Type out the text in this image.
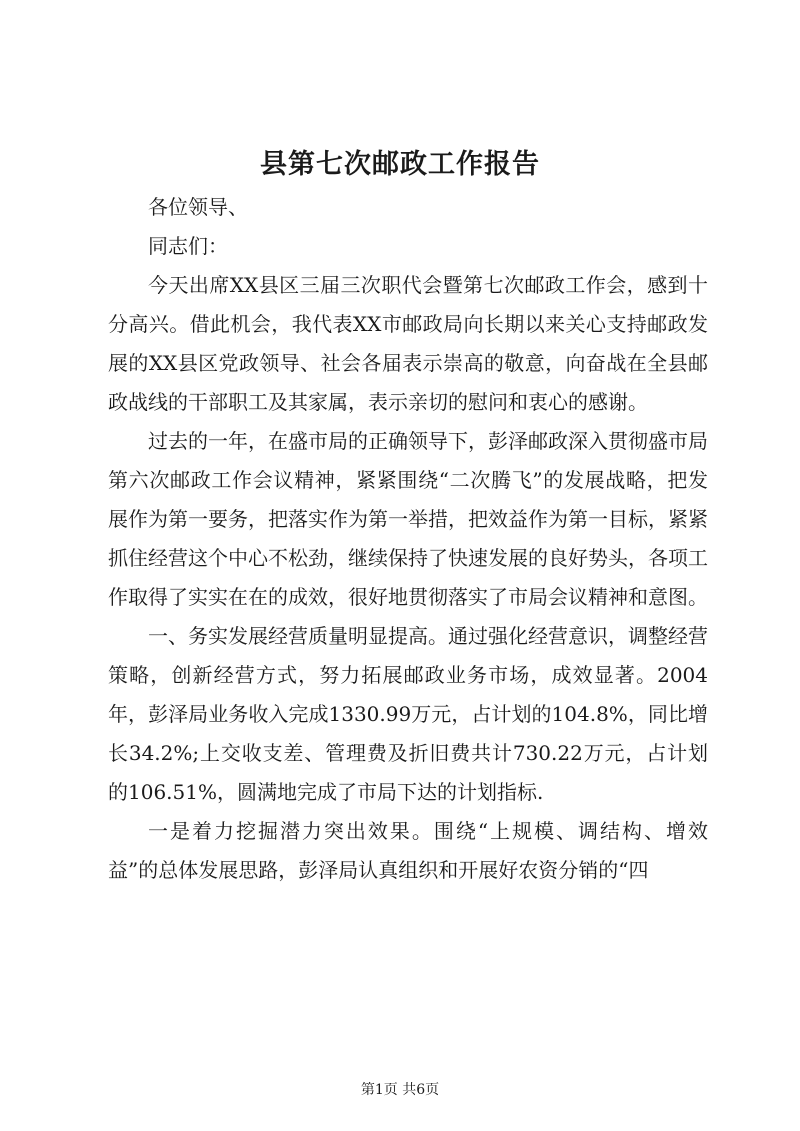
县第七次邮政工作报告

各位领导、

同志们：

今天出席XX县区三届三次职代会暨第七次邮政工作会，感到十分高兴。借此机会，我代表XX市邮政局向长期以来关心支持邮政发展的XX县区党政领导、社会各届表示崇高的敬意，向奋战在全县邮政战线的干部职工及其家属，表示亲切的慰问和衷心的感谢。

过去的一年，在盛市局的正确领导下，彭泽邮政深入贯彻盛市局第六次邮政工作会议精神，紧紧围绕“二次腾飞”的发展战略，把发展作为第一要务，把落实作为第一举措，把效益作为第一目标，紧紧抓住经营这个中心不松劲，继续保持了快速发展的良好势头，各项工作取得了实实在在的成效，很好地贯彻落实了市局会议精神和意图。

一、务实发展经营质量明显提高。通过强化经营意识，调整经营策略，创新经营方式，努力拓展邮政业务市场，成效显著。2004年，彭泽局业务收入完成1330.99万元，占计划的104.8%，同比增长34.2%;上交收支差、管理费及折旧费共计730.22万元，占计划的106.51%，圆满地完成了市局下达的计划指标.

一是着力挖掘潜力突出效果。围绕“上规模、调结构、增效益”的总体发展思路，彭泽局认真组织和开展好农资分销的“四

第1页 共6页
